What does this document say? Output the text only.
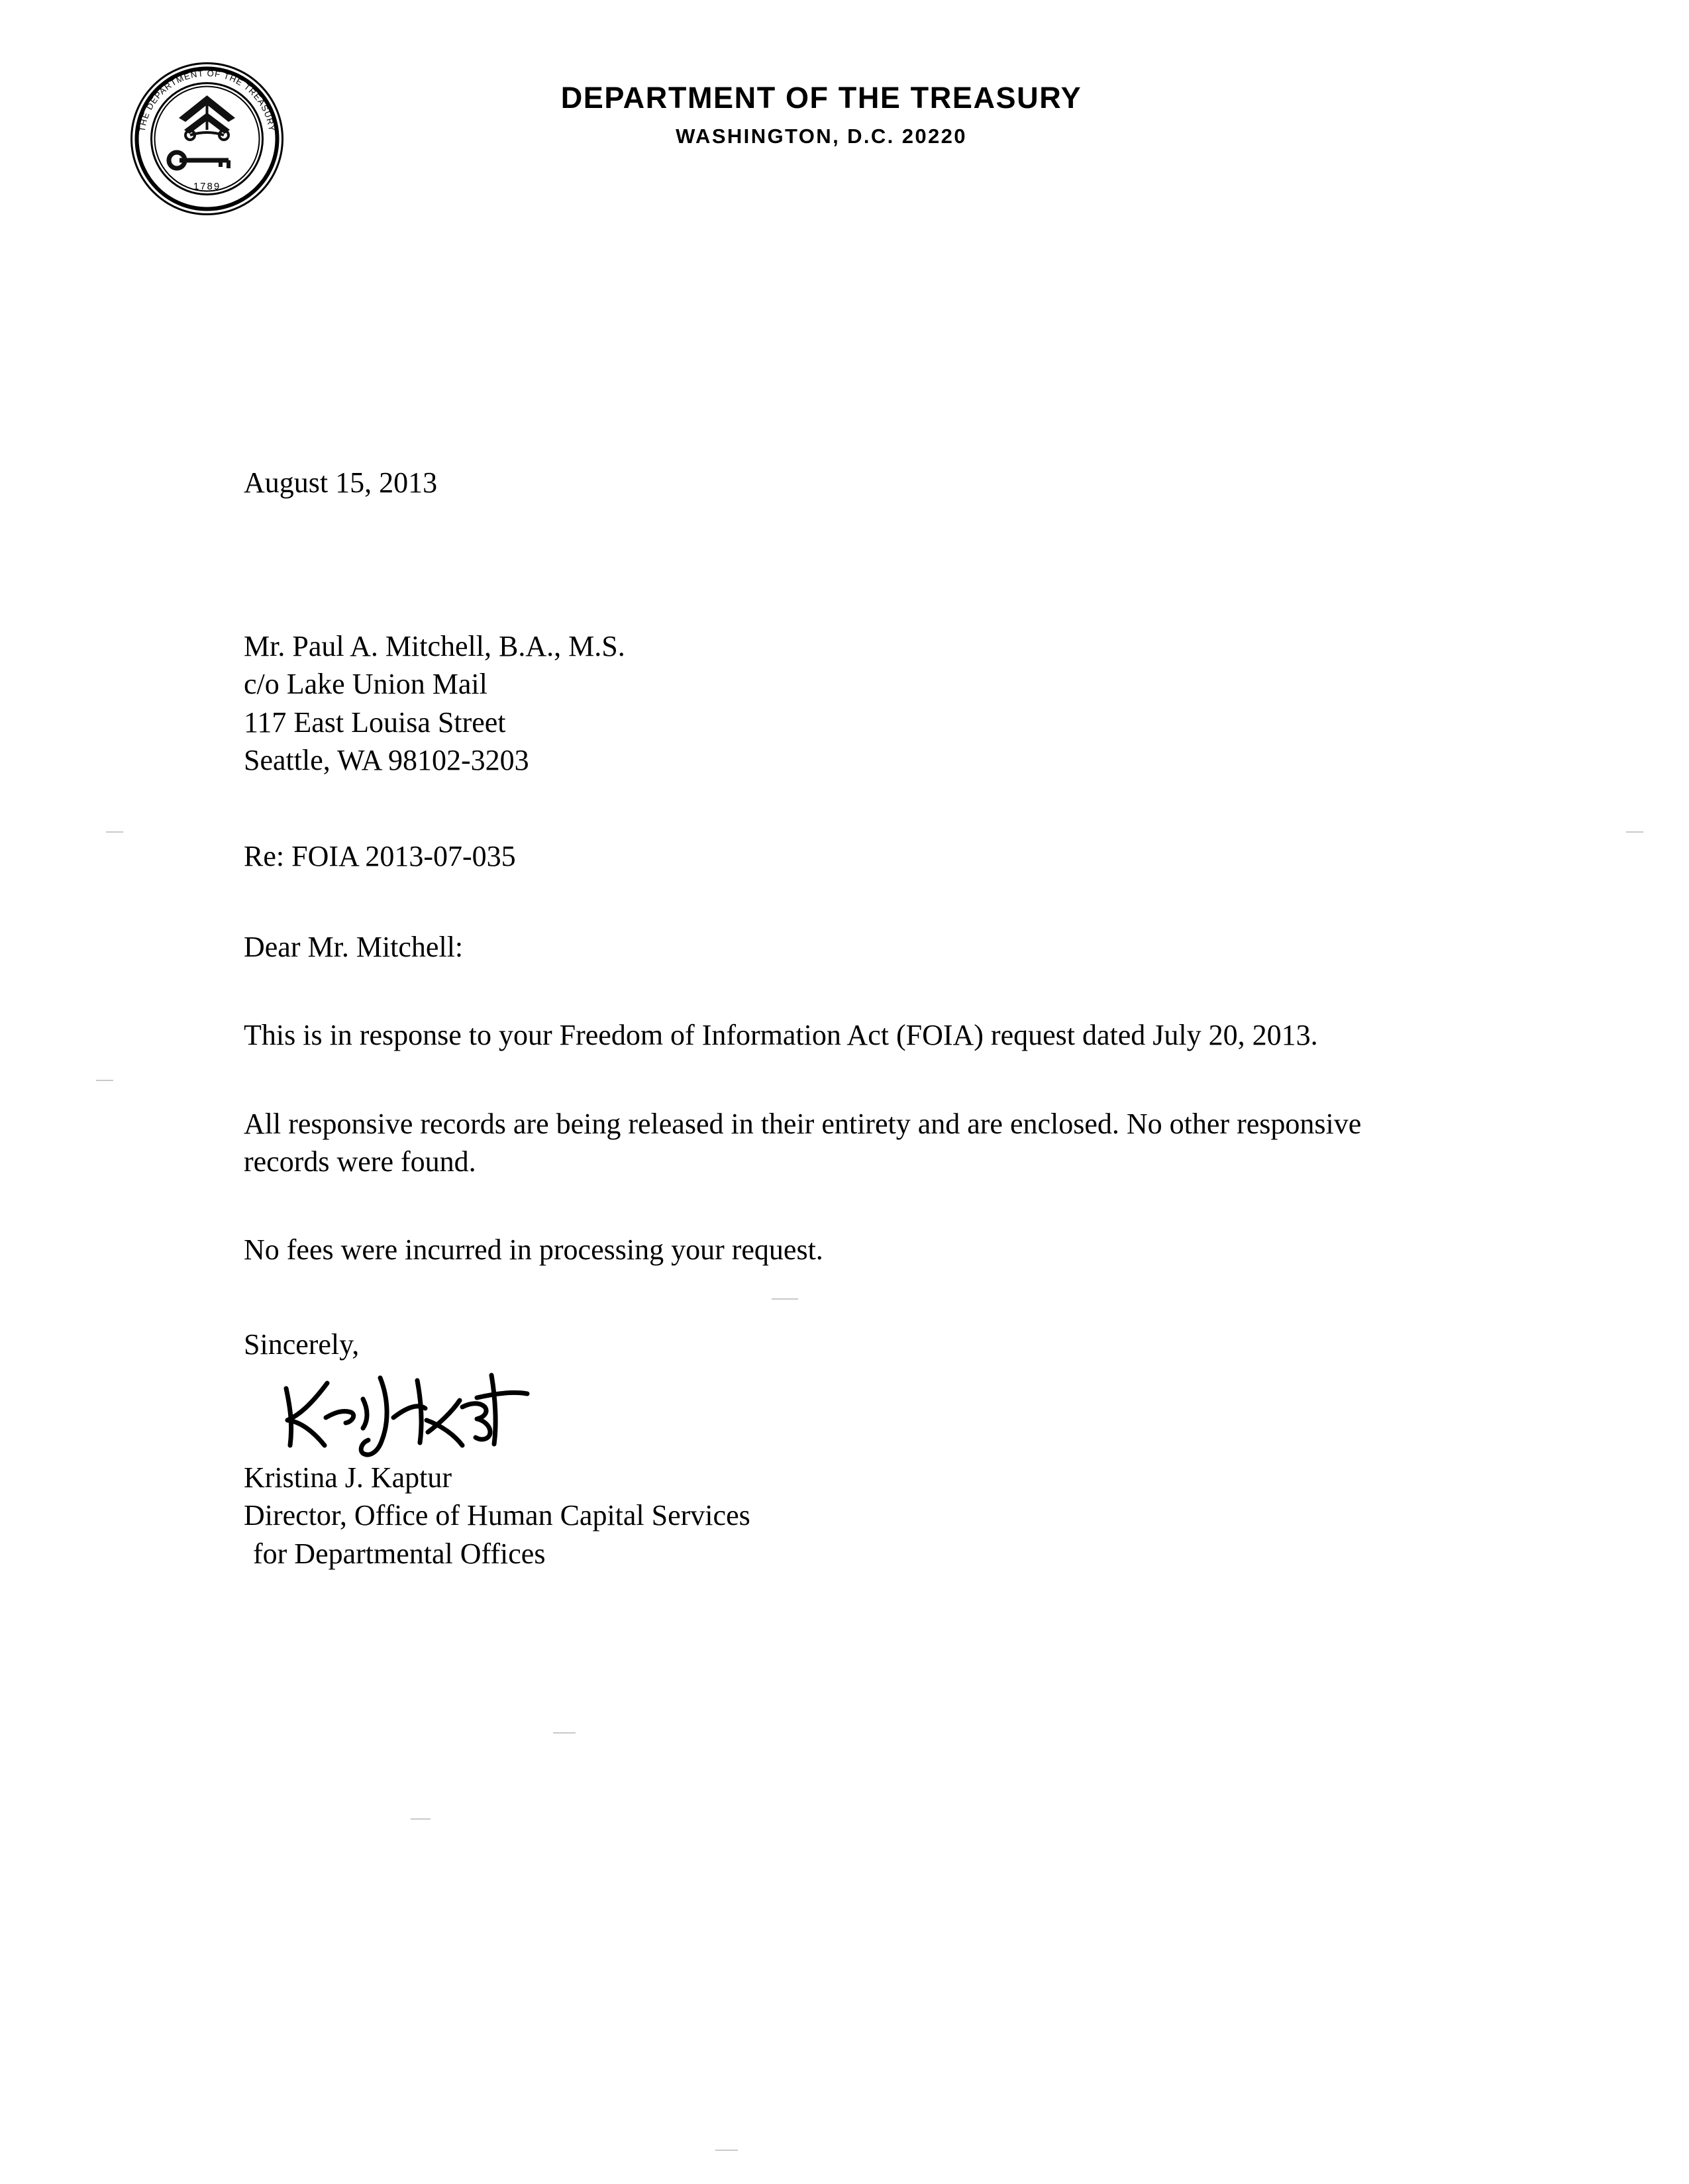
1789
THE DEPARTMENT OF THE TREASURY
DEPARTMENT OF THE TREASURY
WASHINGTON, D.C. 20220
August 15, 2013
Mr. Paul A. Mitchell, B.A., M.S.
c/o Lake Union Mail
117 East Louisa Street
Seattle, WA 98102-3203
Re: FOIA 2013-07-035
Dear Mr. Mitchell:
This is in response to your Freedom of Information Act (FOIA) request dated July 20, 2013.
All responsive records are being released in their entirety and are enclosed. No other responsive records were found.
No fees were incurred in processing your request.
Sincerely,
Kristina J. Kaptur
Director, Office of Human Capital Services
for Departmental Offices
